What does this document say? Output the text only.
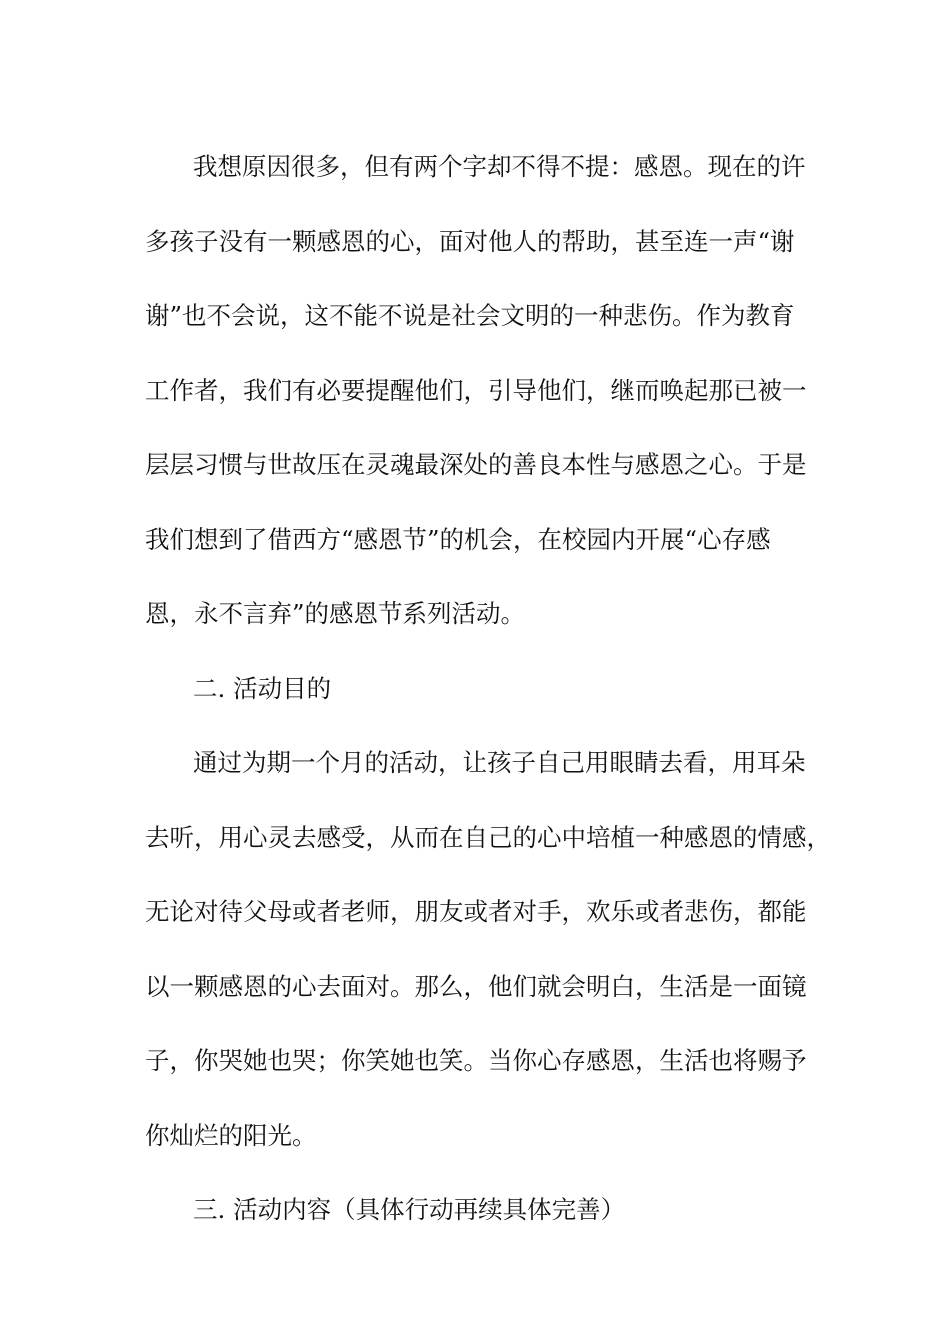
我想原因很多，但有两个字却不得不提：感恩。现在的许
多孩子没有一颗感恩的心，面对他人的帮助，甚至连一声“谢
谢”也不会说，这不能不说是社会文明的一种悲伤。作为教育
工作者，我们有必要提醒他们，引导他们，继而唤起那已被一
层层习惯与世故压在灵魂最深处的善良本性与感恩之心。于是
我们想到了借西方“感恩节”的机会，在校园内开展“心存感
恩，永不言弃”的感恩节系列活动。
二. 活动目的
通过为期一个月的活动，让孩子自己用眼睛去看，用耳朵
去听，用心灵去感受，从而在自己的心中培植一种感恩的情感，
无论对待父母或者老师，朋友或者对手，欢乐或者悲伤，都能
以一颗感恩的心去面对。那么，他们就会明白，生活是一面镜
子，你哭她也哭；你笑她也笑。当你心存感恩，生活也将赐予
你灿烂的阳光。
三. 活动内容（具体行动再续具体完善）
